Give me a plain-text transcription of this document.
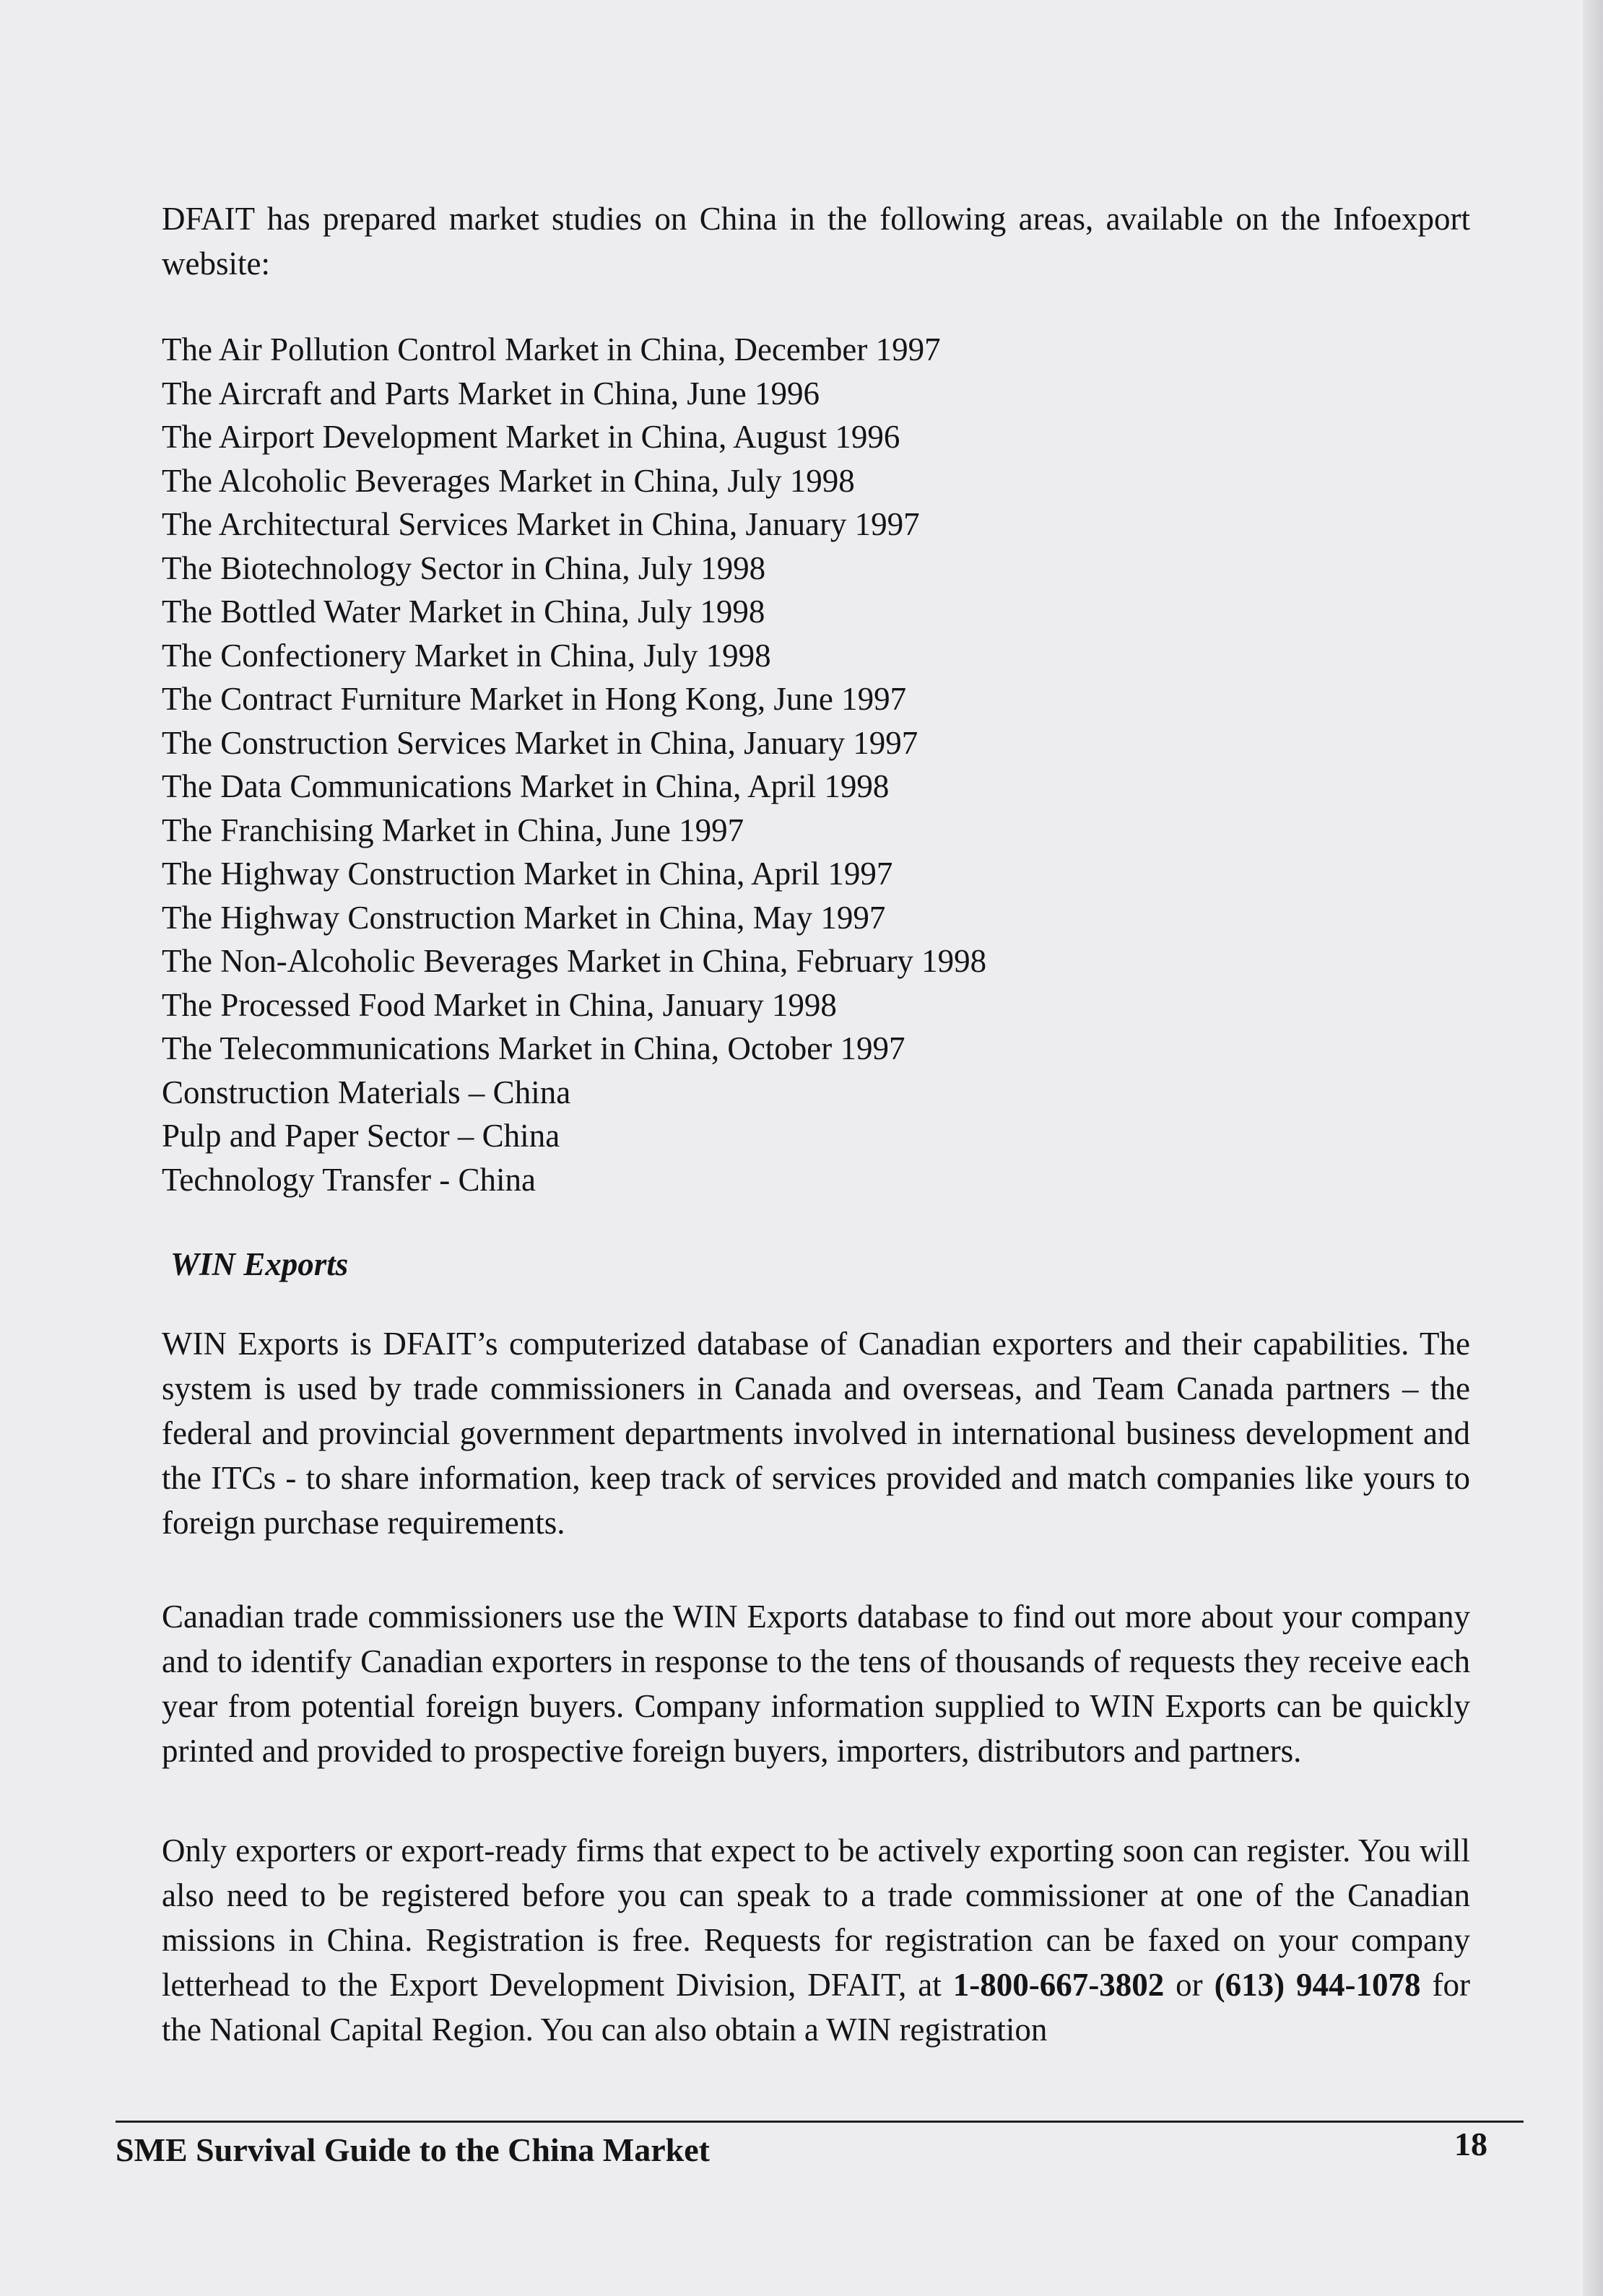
DFAIT has prepared market studies on China in the following areas, available on the Infoexport website:

The Air Pollution Control Market in China, December 1997
The Aircraft and Parts Market in China, June 1996
The Airport Development Market in China, August 1996
The Alcoholic Beverages Market in China, July 1998
The Architectural Services Market in China, January 1997
The Biotechnology Sector in China, July 1998
The Bottled Water Market in China, July 1998
The Confectionery Market in China, July 1998
The Contract Furniture Market in Hong Kong, June 1997
The Construction Services Market in China, January 1997
The Data Communications Market in China, April 1998
The Franchising Market in China, June 1997
The Highway Construction Market in China, April 1997
The Highway Construction Market in China, May 1997
The Non-Alcoholic Beverages Market in China, February 1998
The Processed Food Market in China, January 1998
The Telecommunications Market in China, October 1997
Construction Materials – China
Pulp and Paper Sector – China
Technology Transfer - China
WIN Exports

WIN Exports is DFAIT’s computerized database of Canadian exporters and their capabilities. The system is used by trade commissioners in Canada and overseas, and Team Canada partners – the federal and provincial government departments involved in international business development and the ITCs - to share information, keep track of services provided and match companies like yours to foreign purchase requirements.

Canadian trade commissioners use the WIN Exports database to find out more about your company and to identify Canadian exporters in response to the tens of thousands of requests they receive each year from potential foreign buyers. Company information supplied to WIN Exports can be quickly printed and provided to prospective foreign buyers, importers, distributors and partners.

Only exporters or export-ready firms that expect to be actively exporting soon can register. You will also need to be registered before you can speak to a trade commissioner at one of the Canadian missions in China. Registration is free. Requests for registration can be faxed on your company letterhead to the Export Development Division, DFAIT, at 1-800-667-3802 or (613) 944-1078 for the National Capital Region. You can also obtain a WIN registration

SME Survival Guide to the China Market	18
